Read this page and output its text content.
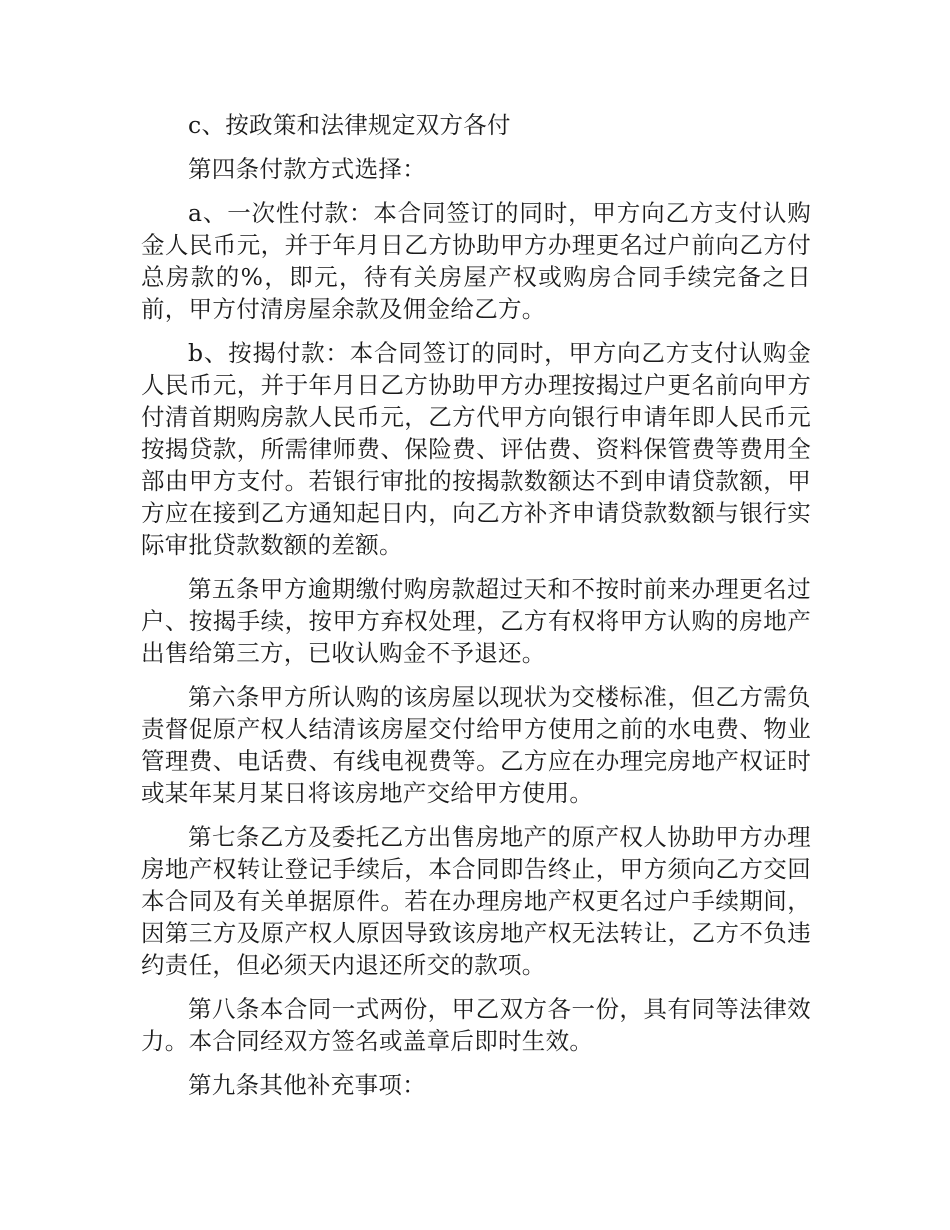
c、按政策和法律规定双方各付

第四条付款方式选择：

a、一次性付款：本合同签订的同时，甲方向乙方支付认购金人民币元，并于年月日乙方协助甲方办理更名过户前向乙方付总房款的%，即元，待有关房屋产权或购房合同手续完备之日前，甲方付清房屋余款及佣金给乙方。

b、按揭付款：本合同签订的同时，甲方向乙方支付认购金人民币元，并于年月日乙方协助甲方办理按揭过户更名前向甲方付清首期购房款人民币元，乙方代甲方向银行申请年即人民币元按揭贷款，所需律师费、保险费、评估费、资料保管费等费用全部由甲方支付。若银行审批的按揭款数额达不到申请贷款额，甲方应在接到乙方通知起日内，向乙方补齐申请贷款数额与银行实际审批贷款数额的差额。

第五条甲方逾期缴付购房款超过天和不按时前来办理更名过户、按揭手续，按甲方弃权处理，乙方有权将甲方认购的房地产出售给第三方，已收认购金不予退还。

第六条甲方所认购的该房屋以现状为交楼标准，但乙方需负责督促原产权人结清该房屋交付给甲方使用之前的水电费、物业管理费、电话费、有线电视费等。乙方应在办理完房地产权证时或某年某月某日将该房地产交给甲方使用。

第七条乙方及委托乙方出售房地产的原产权人协助甲方办理房地产权转让登记手续后，本合同即告终止，甲方须向乙方交回本合同及有关单据原件。若在办理房地产权更名过户手续期间，因第三方及原产权人原因导致该房地产权无法转让，乙方不负违约责任，但必须天内退还所交的款项。

第八条本合同一式两份，甲乙双方各一份，具有同等法律效力。本合同经双方签名或盖章后即时生效。

第九条其他补充事项：
